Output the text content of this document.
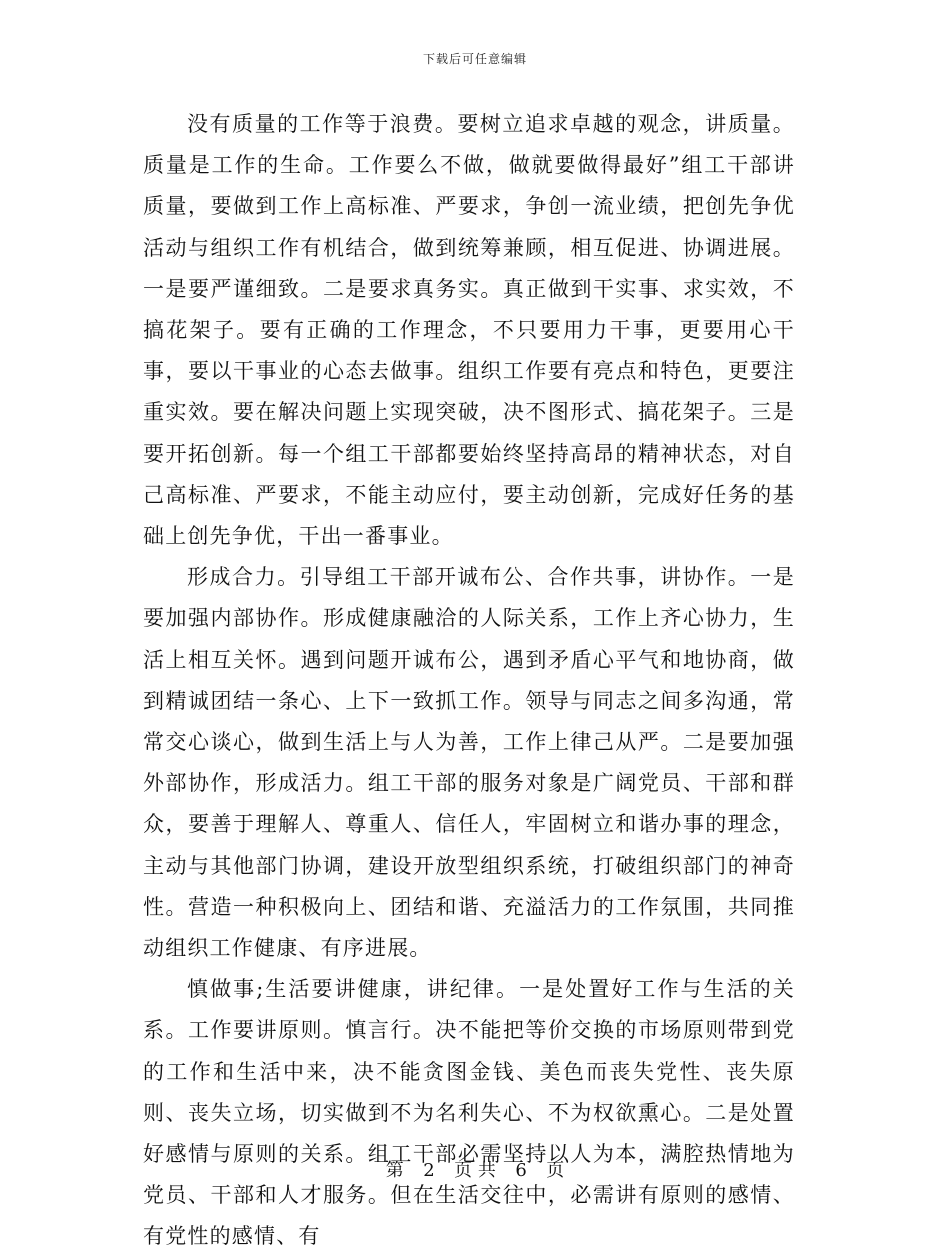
下载后可任意编辑

没有质量的工作等于浪费。要树立追求卓越的观念，讲质量。质量是工作的生命。工作要么不做，做就要做得最好”组工干部讲质量，要做到工作上高标准、严要求，争创一流业绩，把创先争优活动与组织工作有机结合，做到统筹兼顾，相互促进、协调进展。一是要严谨细致。二是要求真务实。真正做到干实事、求实效，不搞花架子。要有正确的工作理念，不只要用力干事，更要用心干事，要以干事业的心态去做事。组织工作要有亮点和特色，更要注重实效。要在解决问题上实现突破，决不图形式、搞花架子。三是要开拓创新。每一个组工干部都要始终坚持高昂的精神状态，对自己高标准、严要求，不能主动应付，要主动创新，完成好任务的基础上创先争优，干出一番事业。

形成合力。引导组工干部开诚布公、合作共事，讲协作。一是要加强内部协作。形成健康融洽的人际关系，工作上齐心协力，生活上相互关怀。遇到问题开诚布公，遇到矛盾心平气和地协商，做到精诚团结一条心、上下一致抓工作。领导与同志之间多沟通，常常交心谈心，做到生活上与人为善，工作上律己从严。二是要加强外部协作，形成活力。组工干部的服务对象是广阔党员、干部和群众，要善于理解人、尊重人、信任人，牢固树立和谐办事的理念，主动与其他部门协调，建设开放型组织系统，打破组织部门的神奇性。营造一种积极向上、团结和谐、充溢活力的工作氛围，共同推动组织工作健康、有序进展。

慎做事;生活要讲健康，讲纪律。一是处置好工作与生活的关系。工作要讲原则。慎言行。决不能把等价交换的市场原则带到党的工作和生活中来，决不能贪图金钱、美色而丧失党性、丧失原则、丧失立场，切实做到不为名利失心、不为权欲熏心。二是处置好感情与原则的关系。组工干部必需坚持以人为本，满腔热情地为党员、干部和人才服务。但在生活交往中，必需讲有原则的感情、有党性的感情、有

第 2 页 共 6 页
